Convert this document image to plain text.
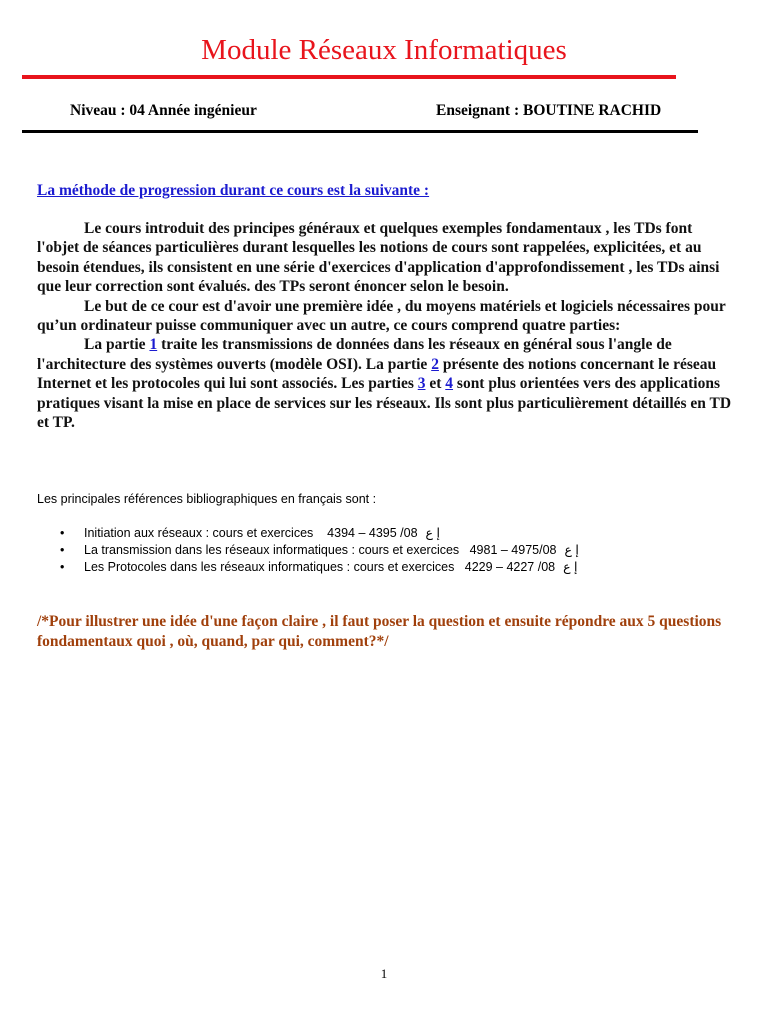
Module Réseaux Informatiques
Niveau : 04 Année ingénieur	Enseignant : BOUTINE RACHID
La méthode de progression durant ce cours est la suivante :

Le cours introduit des principes généraux et quelques exemples fondamentaux , les TDs font l'objet de séances particulières durant lesquelles les notions de cours sont rappelées, explicitées, et au besoin étendues, ils consistent en une série d'exercices d'application d'approfondissement , les TDs ainsi que leur correction sont évalués. des TPs seront énoncer selon le besoin.

Le but de ce cour est d'avoir une première idée , du moyens matériels et logiciels nécessaires pour qu’un ordinateur puisse communiquer avec un autre, ce cours comprend quatre parties:

La partie 1 traite les transmissions de données dans les réseaux en général sous l'angle de l'architecture des systèmes ouverts (modèle OSI). La partie 2 présente des notions concernant le réseau Internet et les protocoles qui lui sont associés. Les parties 3 et 4 sont plus orientées vers des applications pratiques visant la mise en place de services sur les réseaux. Ils sont plus particulièrement détaillés en TD et TP.

Les principales références bibliographiques en français sont :
• Initiation aux réseaux : cours et exercices    4394 – 4395 /08 إ ع
• La transmission dans les réseaux informatiques : cours et exercices   4981 – 4975/08 إ ع
• Les Protocoles dans les réseaux informatiques : cours et exercices   4229 – 4227 /08 إ ع
/*Pour illustrer une idée d'une façon claire , il faut poser la question et ensuite répondre aux 5 questions fondamentaux quoi , où, quand, par qui, comment?*/
1
